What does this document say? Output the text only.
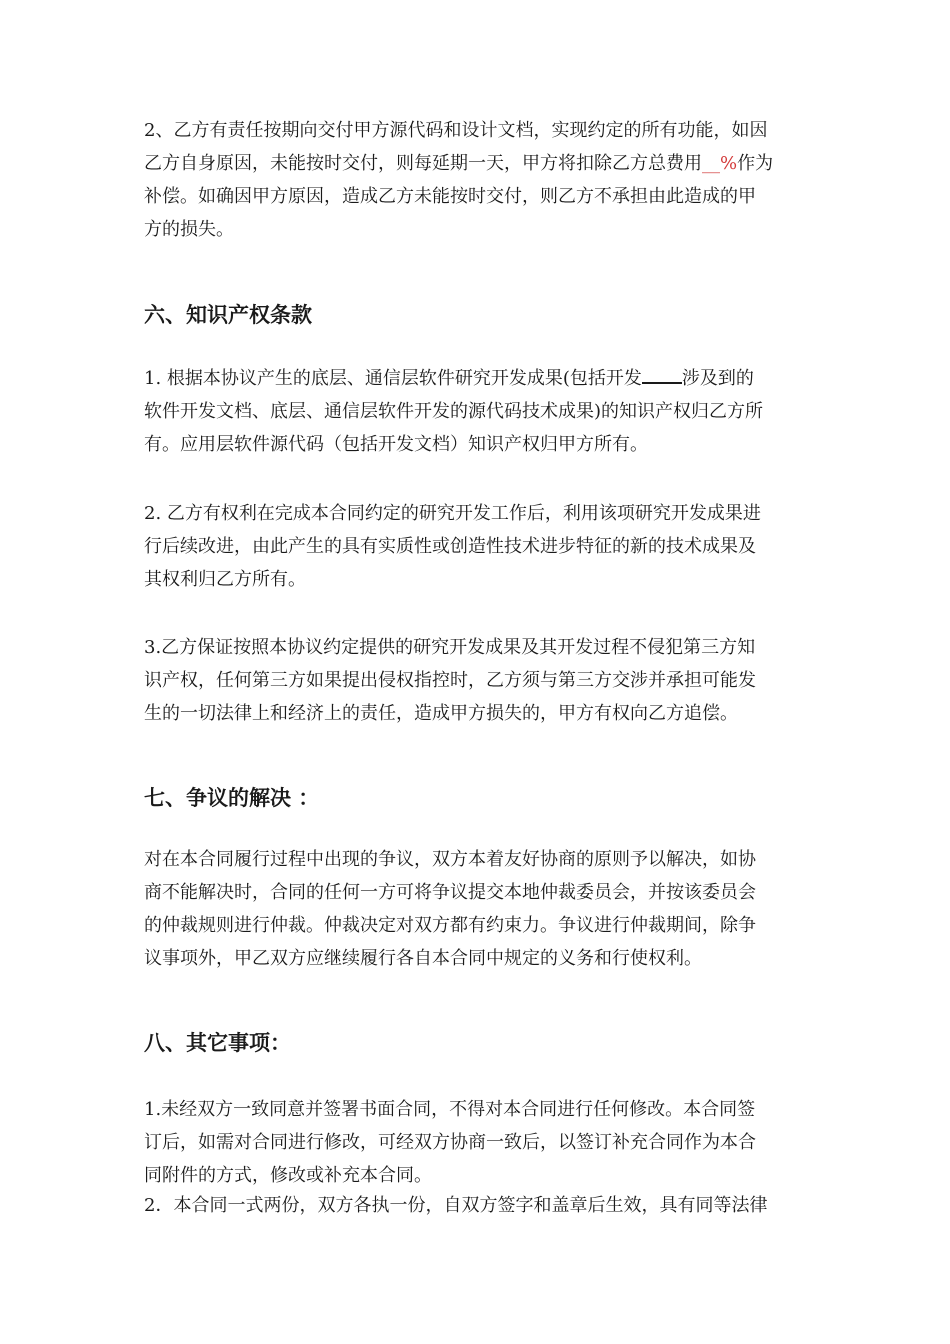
2、乙方有责任按期向交付甲方源代码和设计文档，实现约定的所有功能，如因

乙方自身原因，未能按时交付，则每延期一天，甲方将扣除乙方总费用__%作为

补偿。如确因甲方原因，造成乙方未能按时交付，则乙方不承担由此造成的甲

方的损失。

六、知识产权条款

1. 根据本协议产生的底层、通信层软件研究开发成果(包括开发 涉及到的

软件开发文档、底层、通信层软件开发的源代码技术成果)的知识产权归乙方所

有。应用层软件源代码（包括开发文档）知识产权归甲方所有。

2. 乙方有权利在完成本合同约定的研究开发工作后，利用该项研究开发成果进

行后续改进，由此产生的具有实质性或创造性技术进步特征的新的技术成果及

其权利归乙方所有。

3.乙方保证按照本协议约定提供的研究开发成果及其开发过程不侵犯第三方知

识产权，任何第三方如果提出侵权指控时，乙方须与第三方交涉并承担可能发

生的一切法律上和经济上的责任，造成甲方损失的，甲方有权向乙方追偿。

七、争议的解决 ：

对在本合同履行过程中出现的争议，双方本着友好协商的原则予以解决，如协

商不能解决时，合同的任何一方可将争议提交本地仲裁委员会，并按该委员会

的仲裁规则进行仲裁。仲裁决定对双方都有约束力。争议进行仲裁期间，除争

议事项外，甲乙双方应继续履行各自本合同中规定的义务和行使权利。

八、其它事项：

1.未经双方一致同意并签署书面合同，不得对本合同进行任何修改。本合同签

订后，如需对合同进行修改，可经双方协商一致后，以签订补充合同作为本合

同附件的方式，修改或补充本合同。

2．本合同一式两份，双方各执一份，自双方签字和盖章后生效，具有同等法律
